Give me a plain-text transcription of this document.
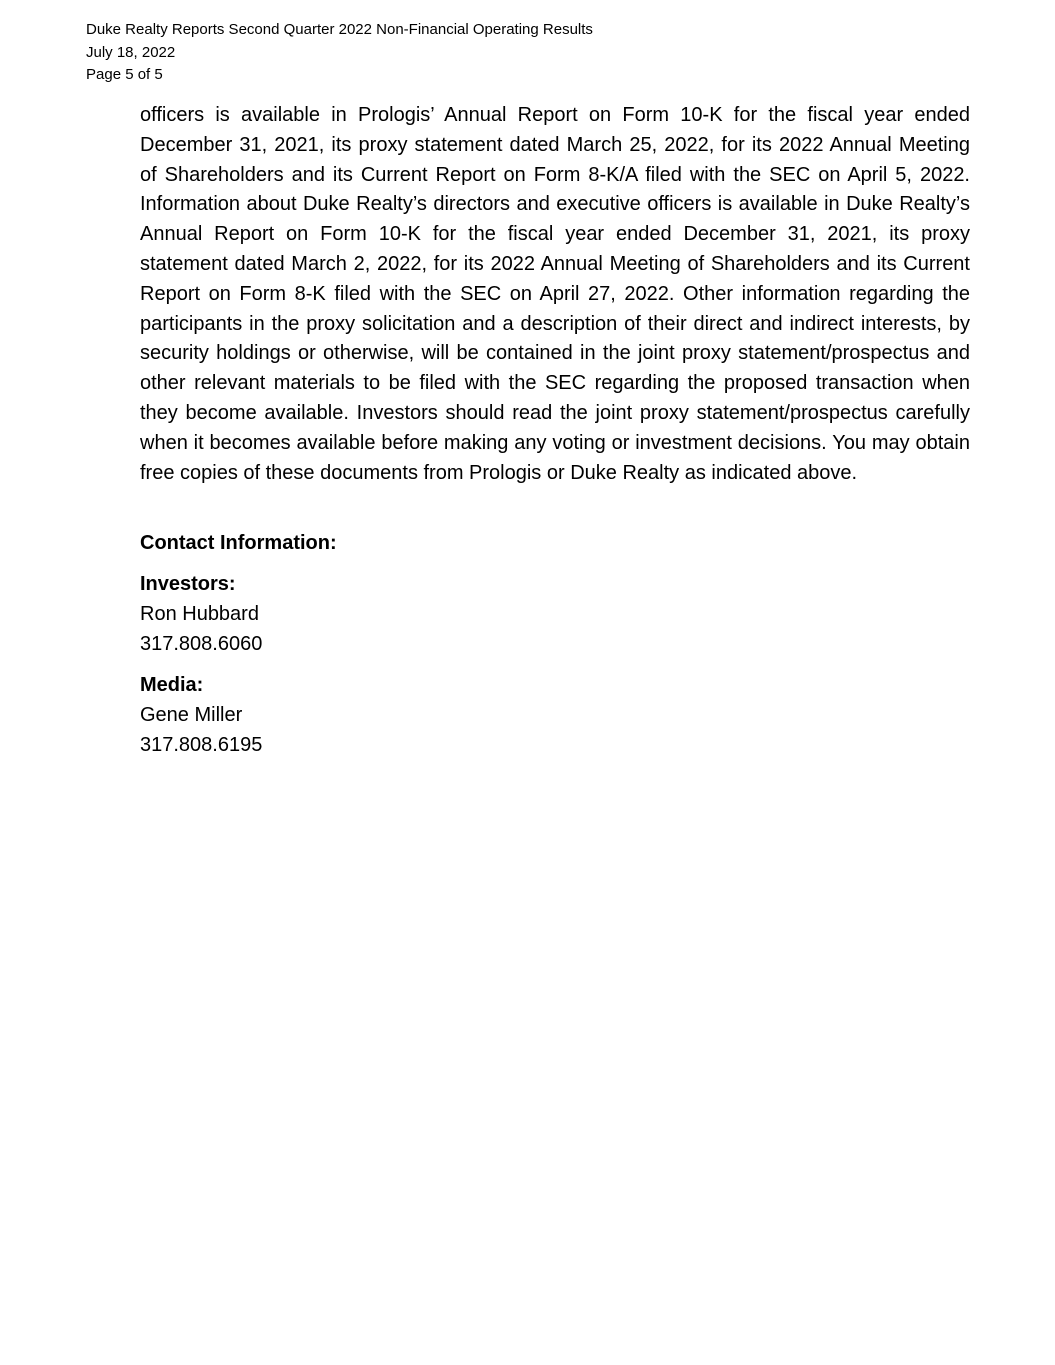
Duke Realty Reports Second Quarter 2022 Non-Financial Operating Results
July 18, 2022
Page 5 of 5

officers is available in Prologis’ Annual Report on Form 10-K for the fiscal year ended December 31, 2021, its proxy statement dated March 25, 2022, for its 2022 Annual Meeting of Shareholders and its Current Report on Form 8-K/A filed with the SEC on April 5, 2022. Information about Duke Realty’s directors and executive officers is available in Duke Realty’s Annual Report on Form 10-K for the fiscal year ended December 31, 2021, its proxy statement dated March 2, 2022, for its 2022 Annual Meeting of Shareholders and its Current Report on Form 8-K filed with the SEC on April 27, 2022. Other information regarding the participants in the proxy solicitation and a description of their direct and indirect interests, by security holdings or otherwise, will be contained in the joint proxy statement/prospectus and other relevant materials to be filed with the SEC regarding the proposed transaction when they become available. Investors should read the joint proxy statement/prospectus carefully when it becomes available before making any voting or investment decisions. You may obtain free copies of these documents from Prologis or Duke Realty as indicated above.

Contact Information:
Investors:
Ron Hubbard
317.808.6060
Media:
Gene Miller
317.808.6195
